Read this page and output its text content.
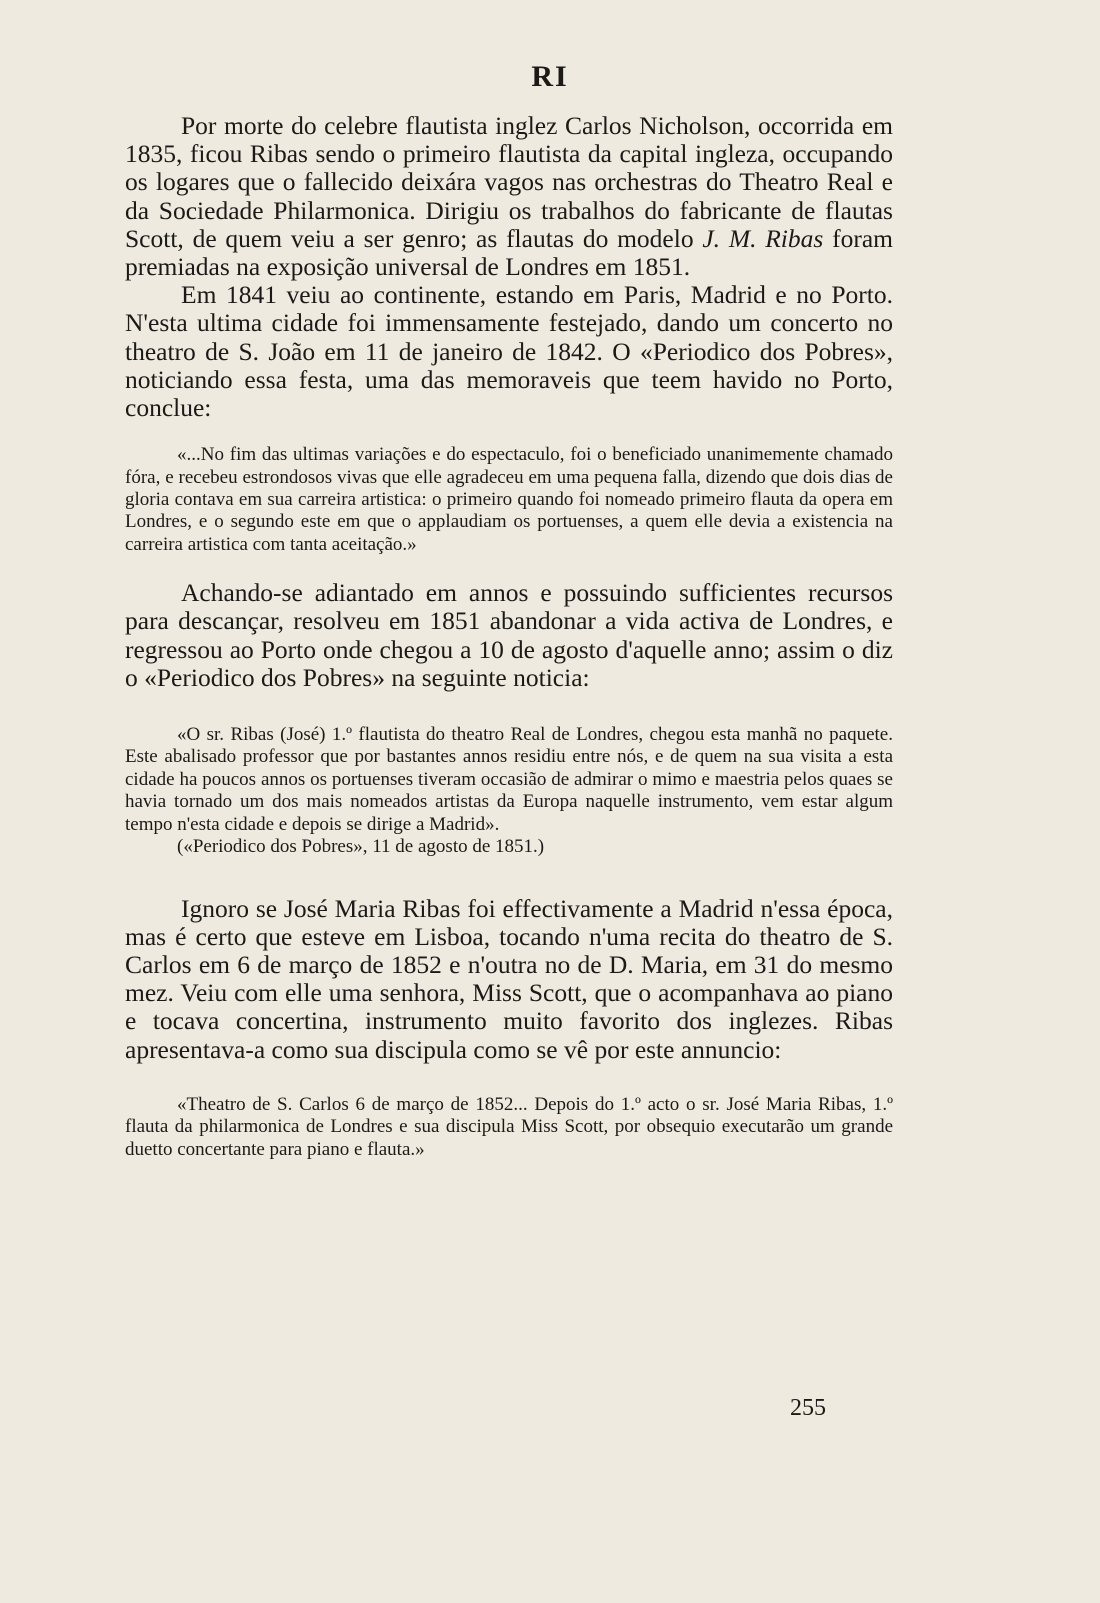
RI

Por morte do celebre flautista inglez Carlos Nicholson, occorrida em 1835, ficou Ribas sendo o primeiro flautista da capital ingleza, occupando os logares que o fallecido deixára vagos nas orchestras do Theatro Real e da Sociedade Philarmonica. Dirigiu os trabalhos do fabricante de flautas Scott, de quem veiu a ser genro; as flautas do modelo J. M. Ribas foram premiadas na exposição universal de Londres em 1851.

Em 1841 veiu ao continente, estando em Paris, Madrid e no Porto. N'esta ultima cidade foi immensamente festejado, dando um concerto no theatro de S. João em 11 de janeiro de 1842. O «Periodico dos Pobres», noticiando essa festa, uma das memoraveis que teem havido no Porto, conclue:

«...No fim das ultimas variações e do espectaculo, foi o beneficiado unanimemente chamado fóra, e recebeu estrondosos vivas que elle agradeceu em uma pequena falla, dizendo que dois dias de gloria contava em sua carreira artistica: o primeiro quando foi nomeado primeiro flauta da opera em Londres, e o segundo este em que o applaudiam os portuenses, a quem elle devia a existencia na carreira artistica com tanta aceitação.»

Achando-se adiantado em annos e possuindo sufficientes recursos para descançar, resolveu em 1851 abandonar a vida activa de Londres, e regressou ao Porto onde chegou a 10 de agosto d'aquelle anno; assim o diz o «Periodico dos Pobres» na seguinte noticia:

«O sr. Ribas (José) 1.º flautista do theatro Real de Londres, chegou esta manhã no paquete. Este abalisado professor que por bastantes annos residiu entre nós, e de quem na sua visita a esta cidade ha poucos annos os portuenses tiveram occasião de admirar o mimo e maestria pelos quaes se havia tornado um dos mais nomeados artistas da Europa naquelle instrumento, vem estar algum tempo n'esta cidade e depois se dirige a Madrid».

(«Periodico dos Pobres», 11 de agosto de 1851.)

Ignoro se José Maria Ribas foi effectivamente a Madrid n'essa época, mas é certo que esteve em Lisboa, tocando n'uma recita do theatro de S. Carlos em 6 de março de 1852 e n'outra no de D. Maria, em 31 do mesmo mez. Veiu com elle uma senhora, Miss Scott, que o acompanhava ao piano e tocava concertina, instrumento muito favorito dos inglezes. Ribas apresentava-a como sua discipula como se vê por este annuncio:

«Theatro de S. Carlos 6 de março de 1852... Depois do 1.º acto o sr. José Maria Ribas, 1.º flauta da philarmonica de Londres e sua discipula Miss Scott, por obsequio executarão um grande duetto concertante para piano e flauta.»

255
